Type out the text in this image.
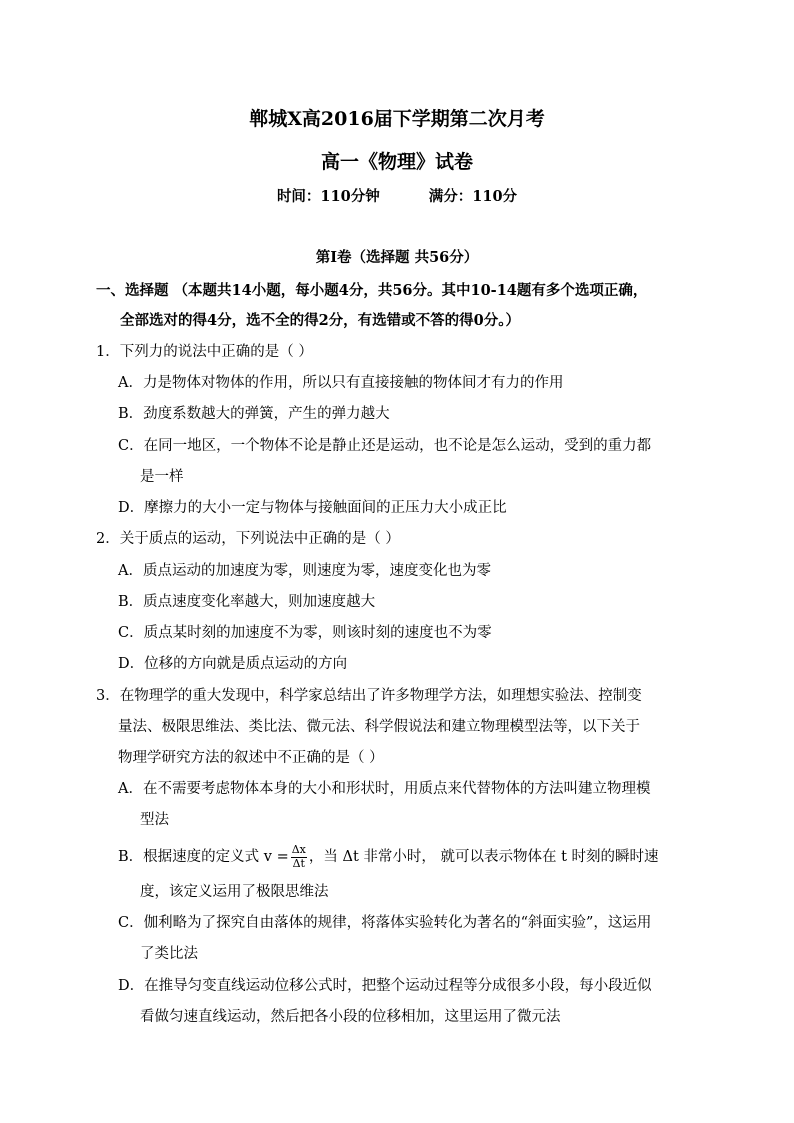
郸城X高2016届下学期第二次月考
高一《物理》试卷
时间：110分钟	满分：110分
第I卷（选择题 共56分）
一、选择题 （本题共14小题，每小题4分，共56分。其中10-14题有多个选项正确，
全部选对的得4分，选不全的得2分，有选错或不答的得0分。）
1．下列力的说法中正确的是（ ）
A．力是物体对物体的作用，所以只有直接接触的物体间才有力的作用
B．劲度系数越大的弹簧，产生的弹力越大
C．在同一地区，一个物体不论是静止还是运动，也不论是怎么运动，受到的重力都
是一样
D．摩擦力的大小一定与物体与接触面间的正压力大小成正比
2．关于质点的运动，下列说法中正确的是（ ）
A．质点运动的加速度为零，则速度为零，速度变化也为零
B．质点速度变化率越大，则加速度越大
C．质点某时刻的加速度不为零，则该时刻的速度也不为零
D．位移的方向就是质点运动的方向
3．在物理学的重大发现中，科学家总结出了许多物理学方法，如理想实验法、控制变
量法、极限思维法、类比法、微元法、科学假说法和建立物理模型法等，以下关于
物理学研究方法的叙述中不正确的是（ ）
A．在不需要考虑物体本身的大小和形状时，用质点来代替物体的方法叫建立物理模
型法
B．根据速度的定义式 $v = \frac{\Delta x}{\Delta t}$ ，当 Δt 非常小时， 就可以表示物体在 t 时刻的瞬时速
度，该定义运用了极限思维法
C．伽利略为了探究自由落体的规律，将落体实验转化为著名的“斜面实验”，这运用
了类比法
D．在推导匀变直线运动位移公式时，把整个运动过程等分成很多小段，每小段近似
看做匀速直线运动，然后把各小段的位移相加，这里运用了微元法
